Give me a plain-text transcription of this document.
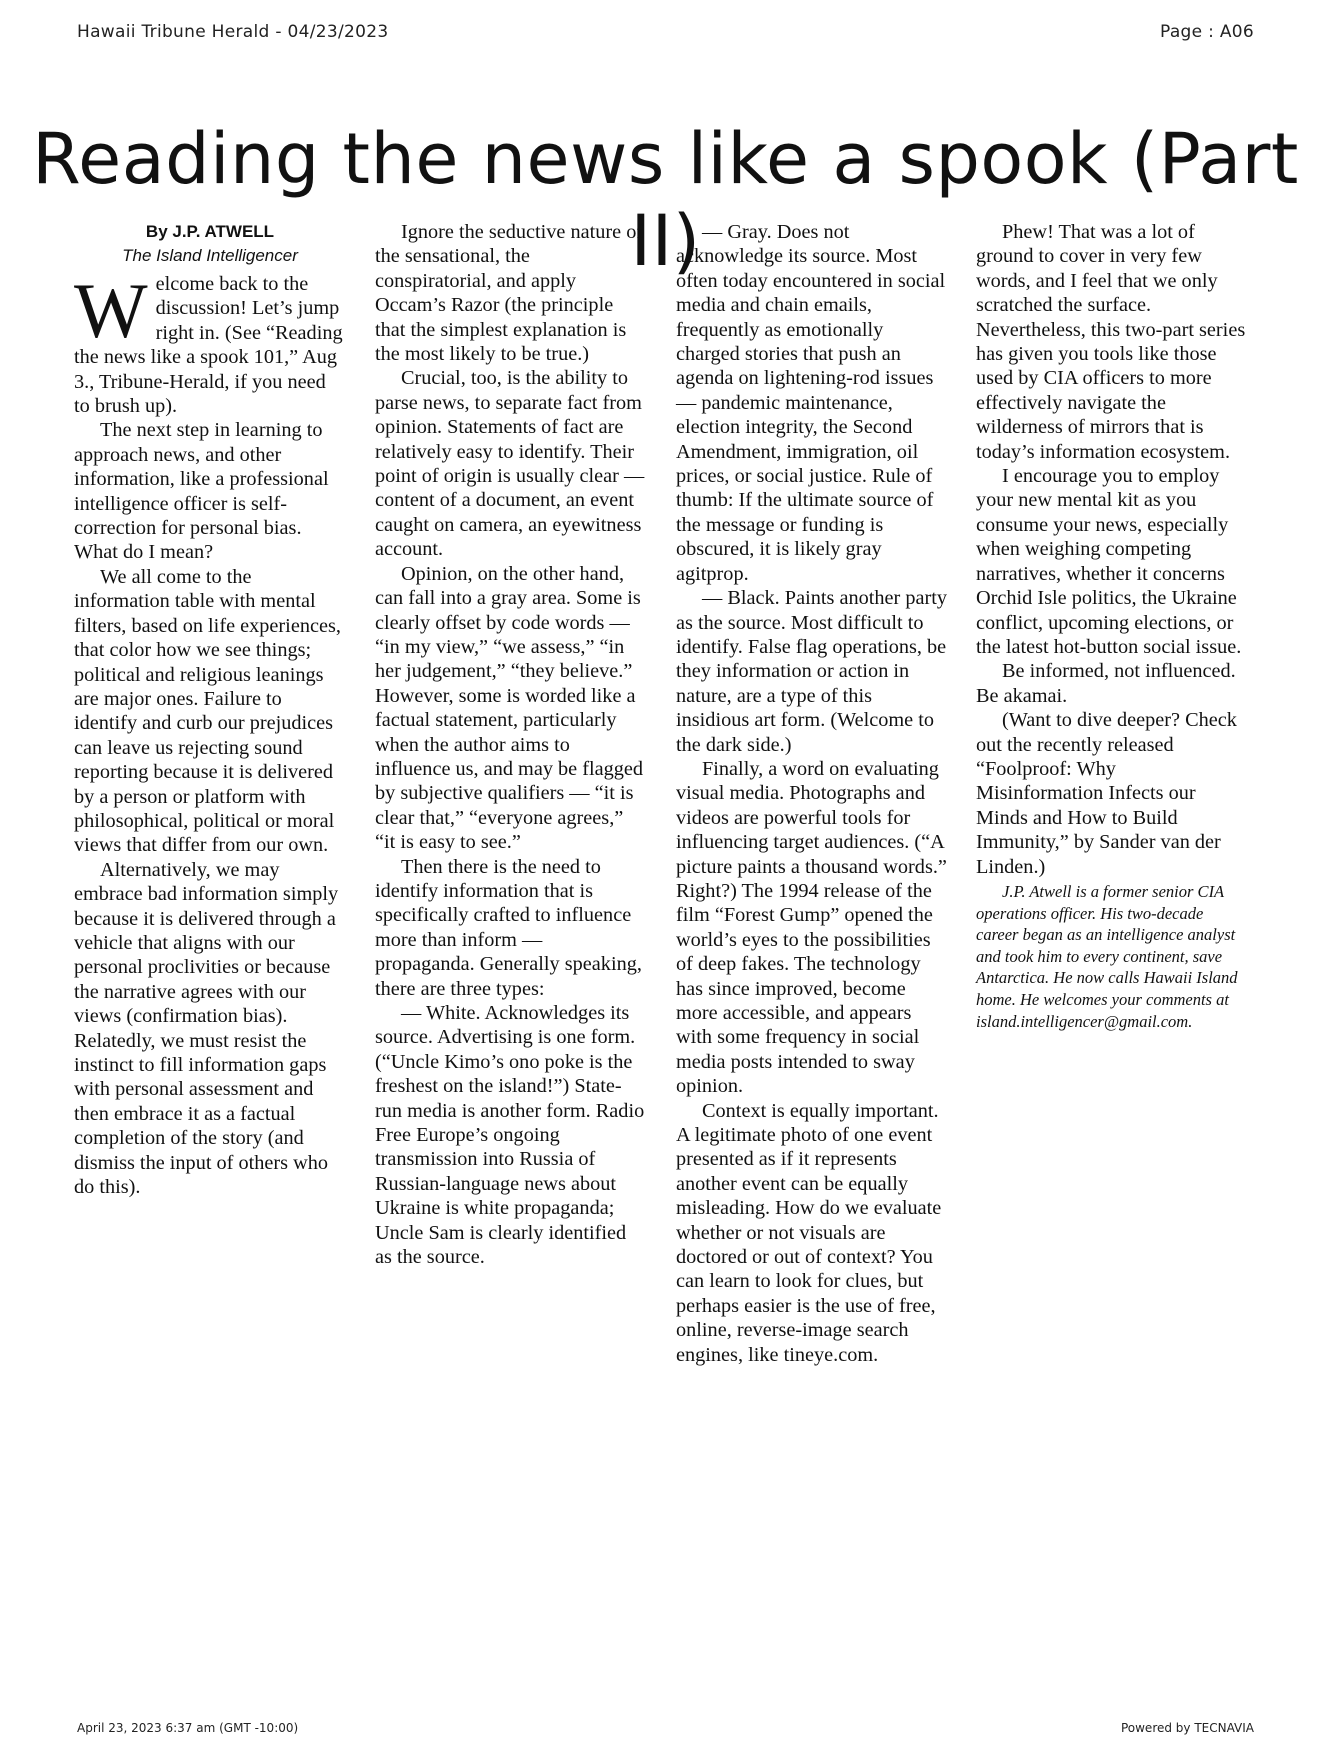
Hawaii Tribune Herald - 04/23/2023	Page : A06
Reading the news like a spook (Part II)
By J.P. ATWELL
The Island Intelligencer

Welcome back to the discussion! Let’s jump right in. (See “Reading the news like a spook 101,” Aug 3., Tribune-Herald, if you need to brush up).

The next step in learning to approach news, and other information, like a professional intelligence officer is self-correction for personal bias. What do I mean?

We all come to the information table with mental filters, based on life experiences, that color how we see things; political and religious leanings are major ones. Failure to identify and curb our prejudices can leave us rejecting sound reporting because it is delivered by a person or platform with philosophical, political or moral views that differ from our own.

Alternatively, we may embrace bad information simply because it is delivered through a vehicle that aligns with our personal proclivities or because the narrative agrees with our views (confirmation bias). Relatedly, we must resist the instinct to fill information gaps with personal assessment and then embrace it as a factual completion of the story (and dismiss the input of others who do this).

Ignore the seductive nature of the sensational, the conspiratorial, and apply Occam’s Razor (the principle that the simplest explanation is the most likely to be true.)

Crucial, too, is the ability to parse news, to separate fact from opinion. Statements of fact are relatively easy to identify. Their point of origin is usually clear — content of a document, an event caught on camera, an eyewitness account.

Opinion, on the other hand, can fall into a gray area. Some is clearly offset by code words — “in my view,” “we assess,” “in her judgement,” “they believe.” However, some is worded like a factual statement, particularly when the author aims to influence us, and may be flagged by subjective qualifiers — “it is clear that,” “everyone agrees,” “it is easy to see.”

Then there is the need to identify information that is specifically crafted to influence more than inform — propaganda. Generally speaking, there are three types:

— White. Acknowledges its source. Advertising is one form. (“Uncle Kimo’s ono poke is the freshest on the island!”) State-run media is another form. Radio Free Europe’s ongoing transmission into Russia of Russian-language news about Ukraine is white propaganda; Uncle Sam is clearly identified as the source.

— Gray. Does not acknowledge its source. Most often today encountered in social media and chain emails, frequently as emotionally charged stories that push an agenda on lightening-rod issues — pandemic maintenance, election integrity, the Second Amendment, immigration, oil prices, or social justice. Rule of thumb: If the ultimate source of the message or funding is obscured, it is likely gray agitprop.

— Black. Paints another party as the source. Most difficult to identify. False flag operations, be they information or action in nature, are a type of this insidious art form. (Welcome to the dark side.)

Finally, a word on evaluating visual media. Photographs and videos are powerful tools for influencing target audiences. (“A picture paints a thousand words.” Right?) The 1994 release of the film “Forest Gump” opened the world’s eyes to the possibilities of deep fakes. The technology has since improved, become more accessible, and appears with some frequency in social media posts intended to sway opinion.

Context is equally important. A legitimate photo of one event presented as if it represents another event can be equally misleading. How do we evaluate whether or not visuals are doctored or out of context? You can learn to look for clues, but perhaps easier is the use of free, online, reverse-image search engines, like tineye.com.

Phew! That was a lot of ground to cover in very few words, and I feel that we only scratched the surface. Nevertheless, this two-part series has given you tools like those used by CIA officers to more effectively navigate the wilderness of mirrors that is today’s information ecosystem.

I encourage you to employ your new mental kit as you consume your news, especially when weighing competing narratives, whether it concerns Orchid Isle politics, the Ukraine conflict, upcoming elections, or the latest hot-button social issue.

Be informed, not influenced. Be akamai.

(Want to dive deeper? Check out the recently released “Foolproof: Why Misinformation Infects our Minds and How to Build Immunity,” by Sander van der Linden.)

J.P. Atwell is a former senior CIA operations officer. His two-decade career began as an intelligence analyst and took him to every continent, save Antarctica. He now calls Hawaii Island home. He welcomes your comments at island.intelligencer@gmail.com.

April 23, 2023 6:37 am (GMT -10:00)	Powered by TECNAVIA
